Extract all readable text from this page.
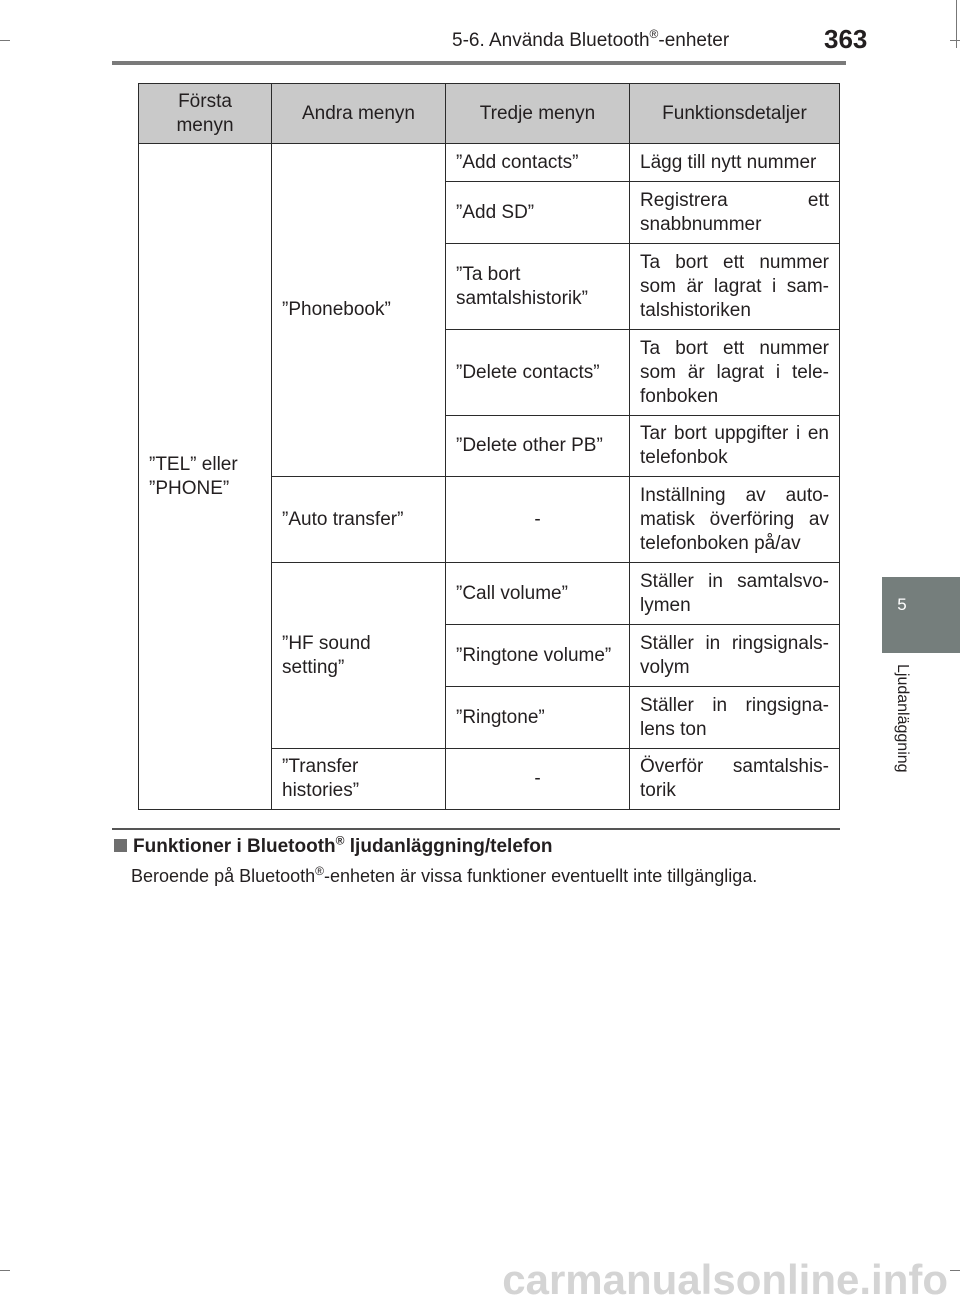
5-6. Använda Bluetooth®-enheter	363
5
Ljudanläggning
Första menyn	Andra menyn	Tredje menyn	Funktionsdetaljer
”TEL” eller ”PHONE”	”Phonebook”	”Add contacts”	Lägg till nytt nummer
		”Add SD”	Registrera ett snabbnummer
		”Ta bort samtalshistorik”	Ta bort ett nummer som är lagrat i sam-talshistoriken
		”Delete contacts”	Ta bort ett nummer som är lagrat i tele-fonboken
		”Delete other PB”	Tar bort uppgifter i en telefonbok
	”Auto transfer”	-	Inställning av auto-matisk överföring av telefonboken på/av
	”HF sound setting”	”Call volume”	Ställer in samtalsvo-lymen
		”Ringtone volume”	Ställer in ringsignals-volym
		”Ringtone”	Ställer in ringsigna-lens ton
	”Transfer histories”	-	Överför samtalshis-torik
Funktioner i Bluetooth® ljudanläggning/telefon
Beroende på Bluetooth®-enheten är vissa funktioner eventuellt inte tillgängliga.
carmanualsonline.info
